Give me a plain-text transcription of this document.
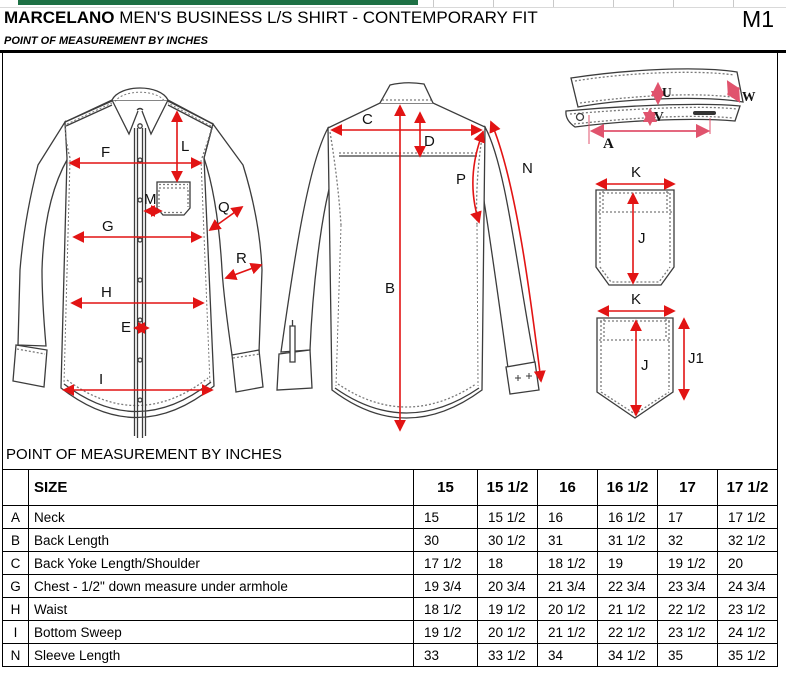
MARCELANO MEN'S BUSINESS L/S SHIRT - CONTEMPORARY FIT	M1
POINT OF MEASUREMENT BY INCHES
F	L
M
G
Q
R
H
E
I
C
D
B
P
N
U
V
W
A
K
J
K
J	J1
POINT OF MEASUREMENT BY INCHES
	SIZE	15	15 1/2	16	16 1/2	17	17 1/2
A	Neck	15	15 1/2	16	16 1/2	17	17 1/2
B	Back Length	30	30 1/2	31	31 1/2	32	32 1/2
C	Back Yoke Length/Shoulder	17 1/2	18	18 1/2	19	19 1/2	20
G	Chest - 1/2" down measure under armhole	19 3/4	20 3/4	21 3/4	22 3/4	23 3/4	24 3/4
H	Waist	18 1/2	19 1/2	20 1/2	21 1/2	22 1/2	23 1/2
I	Bottom Sweep	19 1/2	20 1/2	21 1/2	22 1/2	23 1/2	24 1/2
N	Sleeve Length	33	33 1/2	34	34 1/2	35	35 1/2
